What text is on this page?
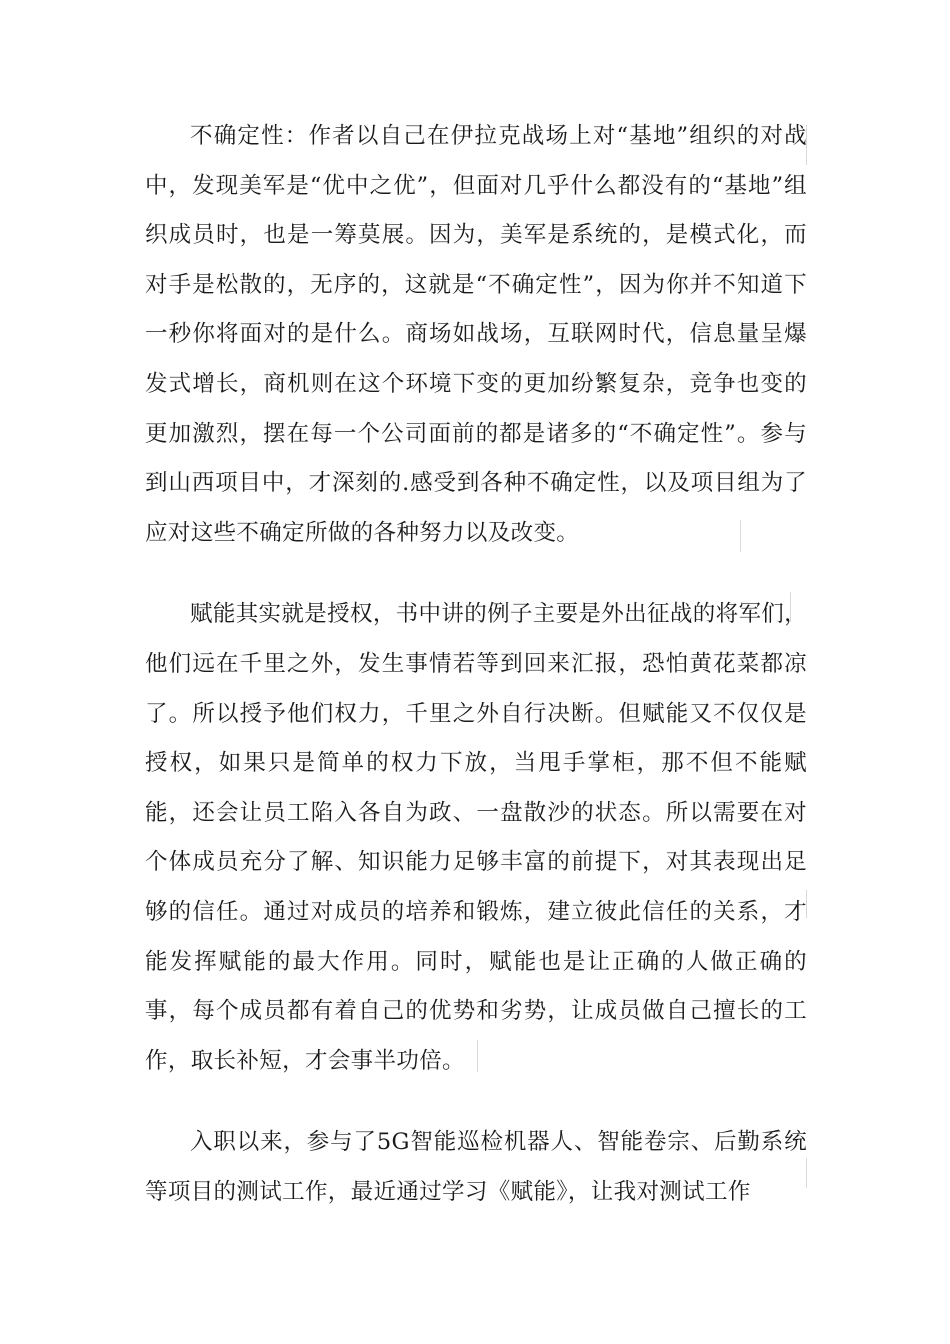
不确定性：作者以自己在伊拉克战场上对“基地”组织的对战中，发现美军是“优中之优”，但面对几乎什么都没有的“基地”组织成员时，也是一筹莫展。因为，美军是系统的，是模式化，而对手是松散的，无序的，这就是“不确定性”，因为你并不知道下一秒你将面对的是什么。商场如战场，互联网时代，信息量呈爆发式增长，商机则在这个环境下变的更加纷繁复杂，竞争也变的更加激烈，摆在每一个公司面前的都是诸多的“不确定性”。参与到山西项目中，才深刻的.感受到各种不确定性，以及项目组为了应对这些不确定所做的各种努力以及改变。

赋能其实就是授权，书中讲的例子主要是外出征战的将军们，他们远在千里之外，发生事情若等到回来汇报，恐怕黄花菜都凉了。所以授予他们权力，千里之外自行决断。但赋能又不仅仅是授权，如果只是简单的权力下放，当甩手掌柜，那不但不能赋能，还会让员工陷入各自为政、一盘散沙的状态。所以需要在对个体成员充分了解、知识能力足够丰富的前提下，对其表现出足够的信任。通过对成员的培养和锻炼，建立彼此信任的关系，才能发挥赋能的最大作用。同时，赋能也是让正确的人做正确的事，每个成员都有着自己的优势和劣势，让成员做自己擅长的工作，取长补短，才会事半功倍。

入职以来，参与了5G智能巡检机器人、智能卷宗、后勤系统等项目的测试工作，最近通过学习《赋能》，让我对测试工作
